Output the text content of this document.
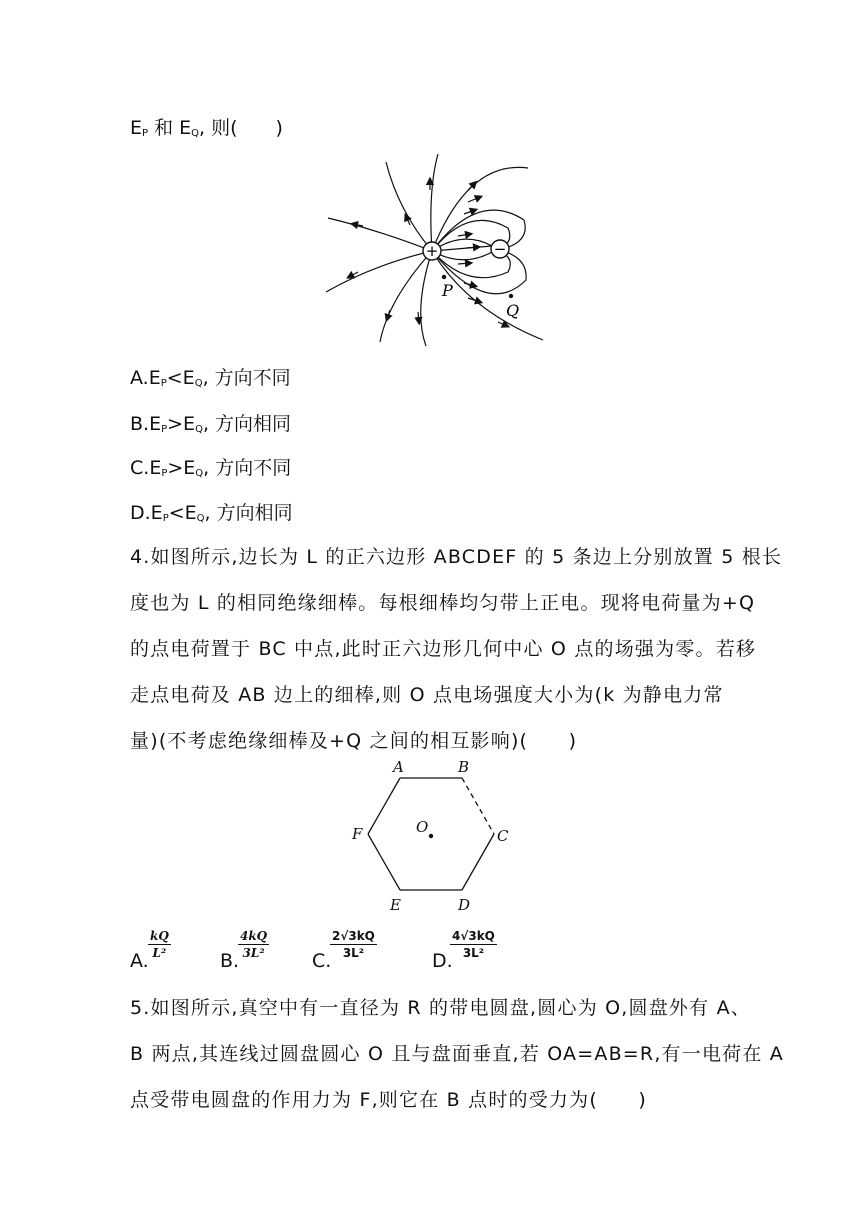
$E_P$ 和 $E_Q$, 则(　　)
+	−
P
Q
$A.E_P<E_Q$, 方向不同
$B.E_P>E_Q$, 方向相同
$C.E_P>E_Q$, 方向不同
$D.E_P<E_Q$, 方向相同
4.如图所示,边长为 L 的正六边形 ABCDEF 的 5 条边上分别放置 5 根长
度也为 L 的相同绝缘细棒。每根细棒均匀带上正电。现将电荷量为+Q
的点电荷置于 BC 中点,此时正六边形几何中心 O 点的场强为零。若移
走点电荷及 AB 边上的细棒,则 O 点电场强度大小为(k 为静电力常
量)(不考虑绝缘细棒及+Q 之间的相互影响)(　　)
A	B
C
D
E
F	O
A.
kQ
L²	B.
4kQ
3L² C.
2√3kQ
3L²	D.
4√3kQ
3L²
5.如图所示,真空中有一直径为 R 的带电圆盘,圆心为 O,圆盘外有 A、
B 两点,其连线过圆盘圆心 O 且与盘面垂直,若 OA=AB=R,有一电荷在 A
点受带电圆盘的作用力为 F,则它在 B 点时的受力为(　　)
